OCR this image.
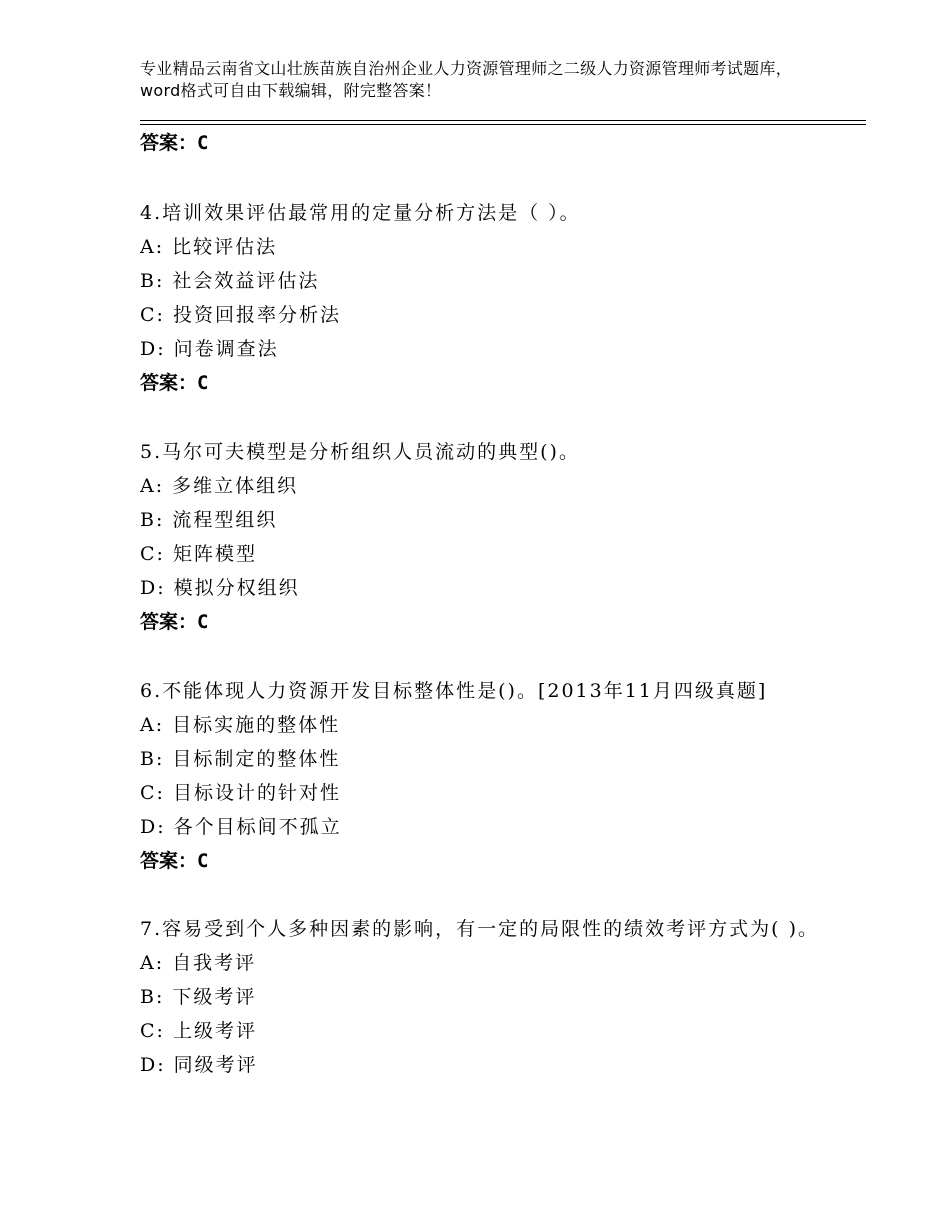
专业精品云南省文山壮族苗族自治州企业人力资源管理师之二级人力资源管理师考试题库，word格式可自由下载编辑，附完整答案！
答案：C
4.培训效果评估最常用的定量分析方法是（ ）。
A: 比较评估法
B: 社会效益评估法
C: 投资回报率分析法
D: 问卷调查法
答案：C
5.马尔可夫模型是分析组织人员流动的典型()。
A: 多维立体组织
B: 流程型组织
C: 矩阵模型
D: 模拟分权组织
答案：C
6.不能体现人力资源开发目标整体性是()。[2013年11月四级真题]
A: 目标实施的整体性
B: 目标制定的整体性
C: 目标设计的针对性
D: 各个目标间不孤立
答案：C
7.容易受到个人多种因素的影响，有一定的局限性的绩效考评方式为( )。
A: 自我考评
B: 下级考评
C: 上级考评
D: 同级考评
